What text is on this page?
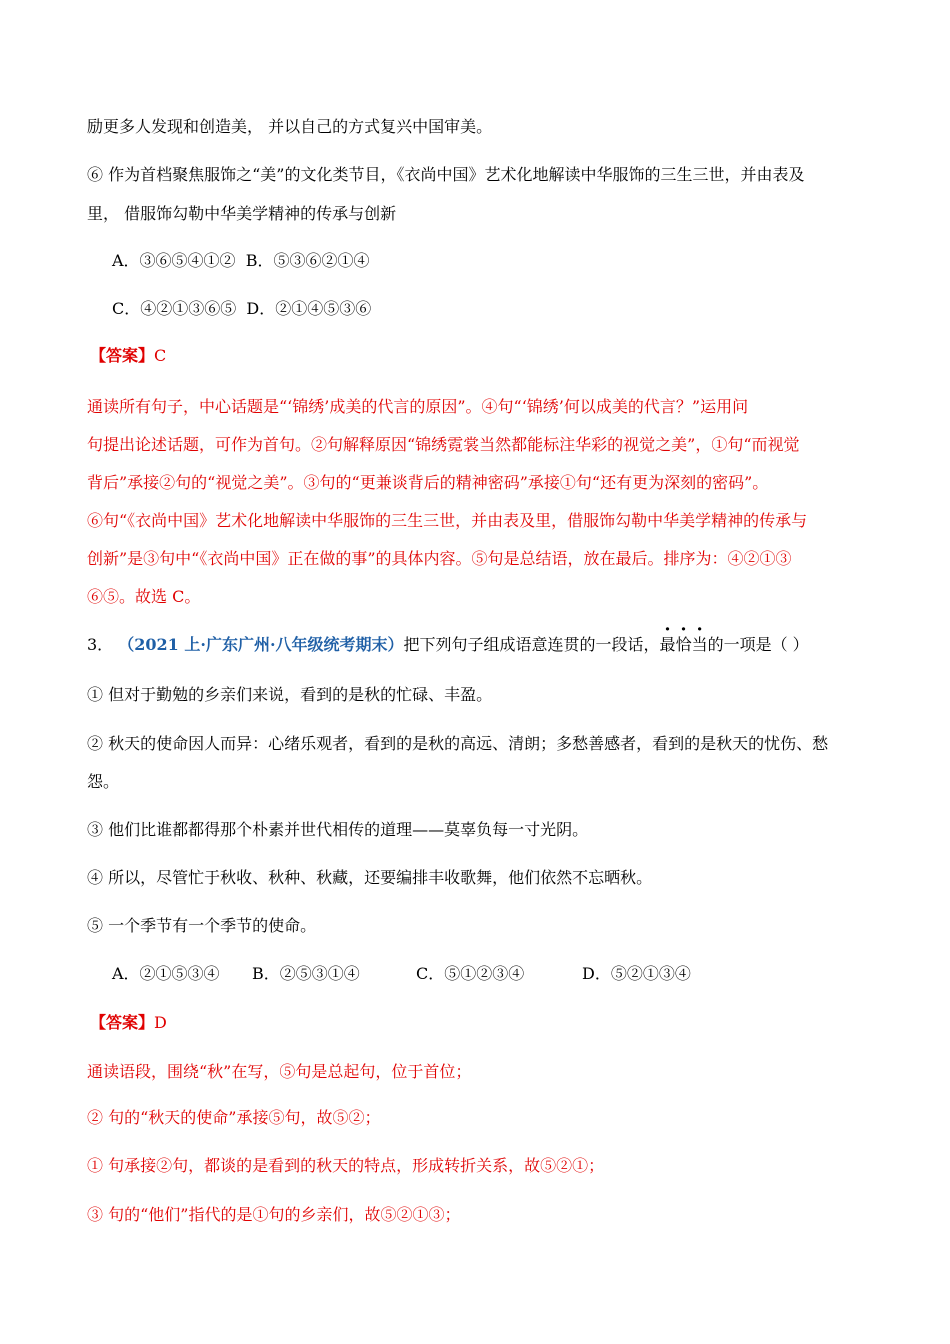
励更多人发现和创造美， 并以自己的方式复兴中国审美。
⑥ 作为首档聚焦服饰之“美”的文化类节目，《衣尚中国》艺术化地解读中华服饰的三生三世，并由表及
里， 借服饰勾勒中华美学精神的传承与创新
A．③⑥⑤④①② B．⑤③⑥②①④
C．④②①③⑥⑤ D．②①④⑤③⑥
【答案】C
通读所有句子，中心话题是“‘锦绣’成美的代言的原因”。④句“‘锦绣’何以成美的代言？”运用问
句提出论述话题，可作为首句。②句解释原因“锦绣霓裳当然都能标注华彩的视觉之美”，①句“而视觉
背后”承接②句的“视觉之美”。③句的“更兼谈背后的精神密码”承接①句“还有更为深刻的密码”。
⑥句“《衣尚中国》艺术化地解读中华服饰的三生三世，并由表及里，借服饰勾勒中华美学精神的传承与
创新”是③句中“《衣尚中国》正在做的事”的具体内容。⑤句是总结语，放在最后。排序为：④②①③
⑥⑤。故选 C。
3． （2021 上·广东广州·八年级统考期末）把下列句子组成语意连贯的一段话，最恰当的一项是（ ）
① 但对于勤勉的乡亲们来说，看到的是秋的忙碌、丰盈。
② 秋天的使命因人而异：心绪乐观者，看到的是秋的高远、清朗；多愁善感者，看到的是秋天的忧伤、愁
怨。
③ 他们比谁都都得那个朴素并世代相传的道理——莫辜负每一寸光阴。
④ 所以，尽管忙于秋收、秋种、秋藏，还要编排丰收歌舞，他们依然不忘晒秋。
⑤ 一个季节有一个季节的使命。
A．②①⑤③④ B．②⑤③①④	C．⑤①②③④	D．⑤②①③④
【答案】D
通读语段，围绕“秋”在写，⑤句是总起句，位于首位；
② 句的“秋天的使命”承接⑤句，故⑤②；
① 句承接②句，都谈的是看到的秋天的特点，形成转折关系，故⑤②①；
③ 句的“他们”指代的是①句的乡亲们，故⑤②①③；
